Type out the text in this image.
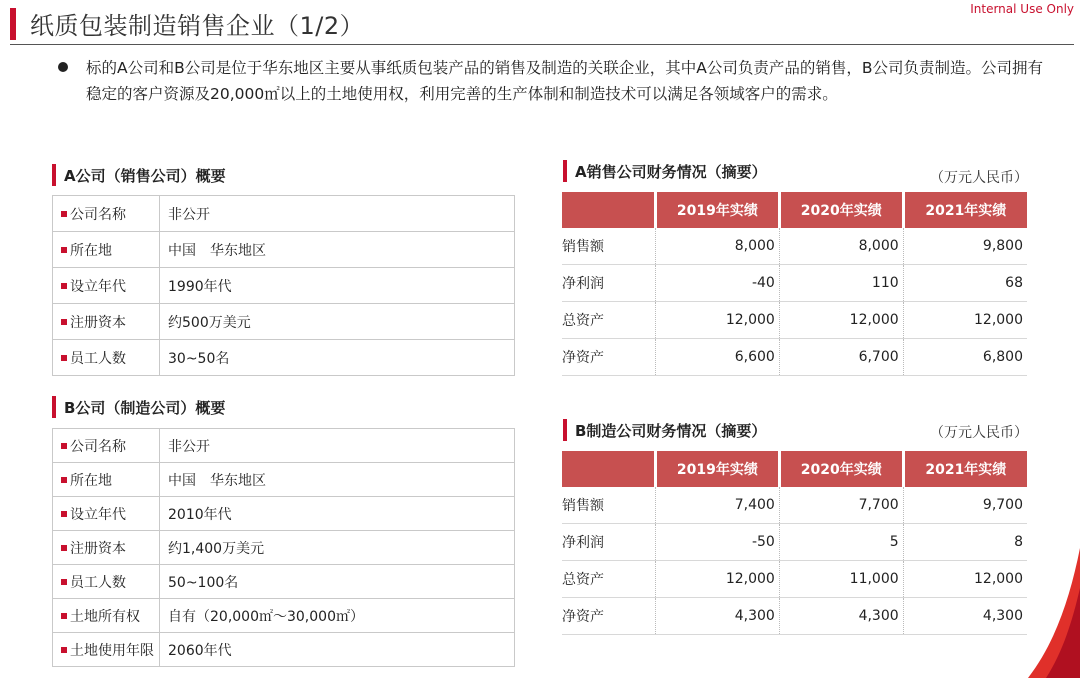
纸质包装制造销售企业（1/2）
Internal Use Only
标的A公司和B公司是位于华东地区主要从事纸质包装产品的销售及制造的关联企业，其中A公司负责产品的销售，B公司负责制造。公司拥有稳定的客户资源及20,000㎡以上的土地使用权，利用完善的生产体制和制造技术可以满足各领域客户的需求。
A公司（销售公司）概要
公司名称	非公开
所在地	中国　华东地区
设立年代	1990年代
注册资本	约500万美元
员工人数	30~50名
B公司（制造公司）概要
公司名称	非公开
所在地	中国　华东地区
设立年代	2010年代
注册资本	约1,400万美元
员工人数	50~100名
土地所有权	自有（20,000㎡～30,000㎡）
土地使用年限	2060年代
A销售公司财务情况（摘要）	（万元人民币）
	2019年实绩	2020年实绩	2021年实绩
销售额	8,000	8,000	9,800
净利润	-40	110	68
总资产	12,000	12,000	12,000
净资产	6,600	6,700	6,800
B制造公司财务情况（摘要）	（万元人民币）
	2019年实绩	2020年实绩	2021年实绩
销售额	7,400	7,700	9,700
净利润	-50	5	8
总资产	12,000	11,000	12,000
净资产	4,300	4,300	4,300
